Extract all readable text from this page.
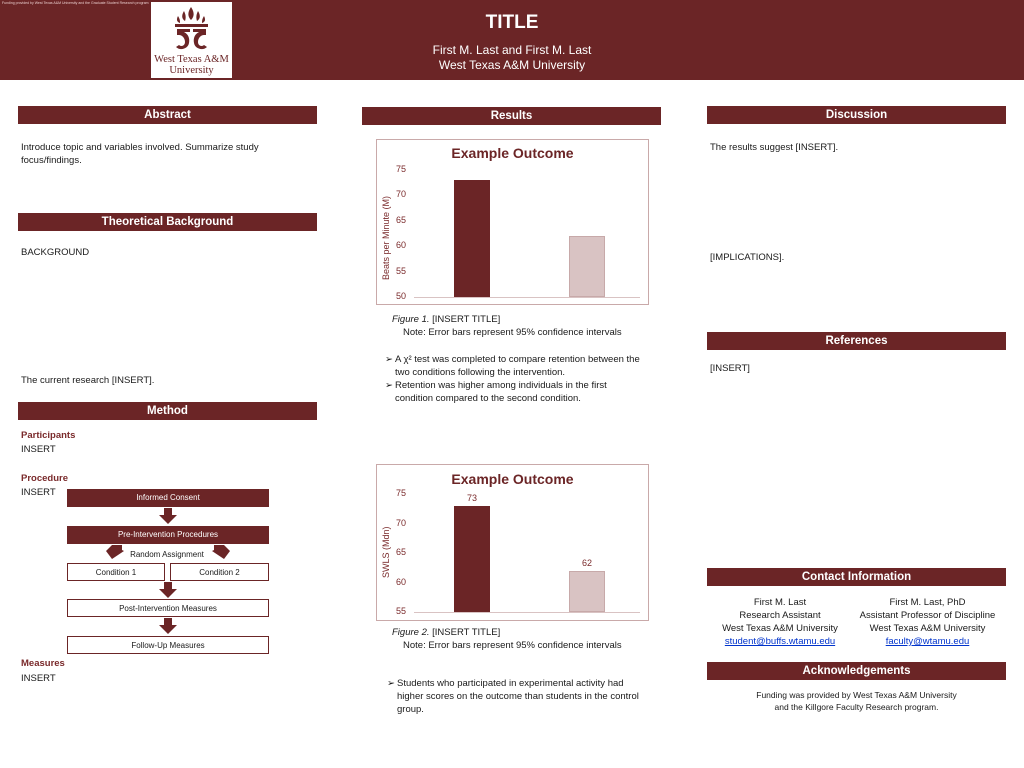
Funding provided by West Texas A&M University and the Graduate Student Research program
West Texas A&M
University
TITLE
First M. Last and First M. Last
West Texas A&M University
Abstract
Introduce topic and variables involved. Summarize study focus/findings.
Theoretical Background
BACKGROUND
The current research [INSERT].
Method
Participants
INSERT
Procedure
INSERT	Informed Consent
Pre-Intervention Procedures
Random Assignment
Condition 1	Condition 2
Post-Intervention Measures
Follow-Up Measures
Measures
INSERT
Results
Example Outcome
Beats per Minute (M)
Figure 1. [INSERT TITLE]
Note: Error bars represent 95% confidence intervals
➢ A χ² test was completed to compare retention between the two conditions following the intervention.
➢ Retention was higher among individuals in the first condition compared to the second condition.
Example Outcome
SWLS (Mdn)
Figure 2. [INSERT TITLE]
Note: Error bars represent 95% confidence intervals
➢ Students who participated in experimental activity had higher scores on the outcome than students in the control group.
Discussion
The results suggest [INSERT].
[IMPLICATIONS].
References
[INSERT]
Contact Information
First M. Last
Research Assistant
West Texas A&M University
student@buffs.wtamu.edu
First M. Last, PhD
Assistant Professor of Discipline
West Texas A&M University
faculty@wtamu.edu
Acknowledgements
Funding was provided by West Texas A&M University
and the Killgore Faculty Research program.
75
70
65
60
55
50
75
70
65
60
55
73
62
